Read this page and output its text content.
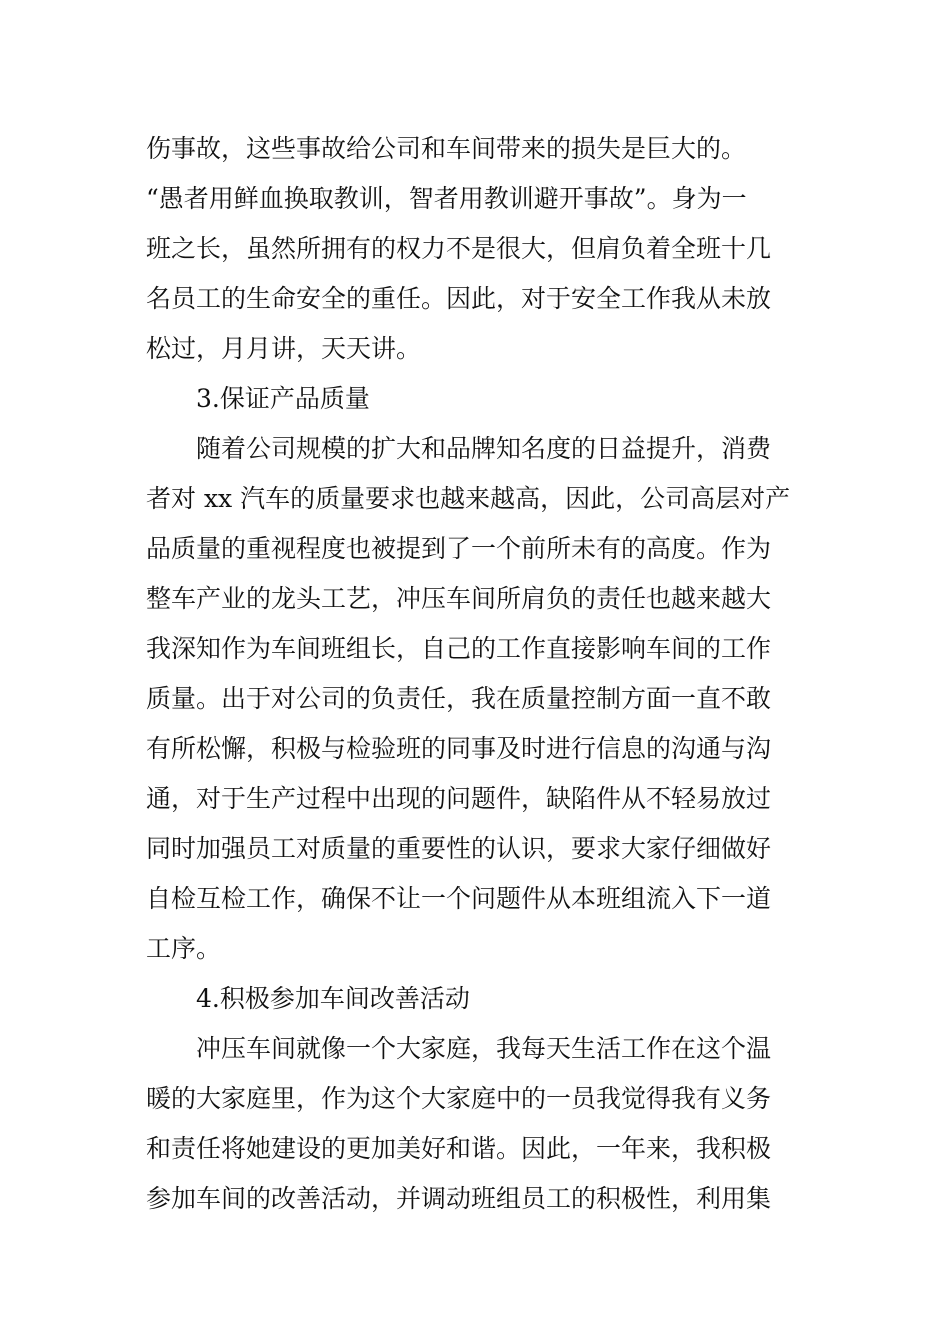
伤事故，这些事故给公司和车间带来的损失是巨大的。
“愚者用鲜血换取教训，智者用教训避开事故”。身为一
班之长，虽然所拥有的权力不是很大，但肩负着全班十几
名员工的生命安全的重任。因此，对于安全工作我从未放
松过，月月讲，天天讲。
3.保证产品质量
随着公司规模的扩大和品牌知名度的日益提升，消费
者对 xx 汽车的质量要求也越来越高，因此，公司高层对产
品质量的重视程度也被提到了一个前所未有的高度。作为
整车产业的龙头工艺，冲压车间所肩负的责任也越来越大
我深知作为车间班组长，自己的工作直接影响车间的工作
质量。出于对公司的负责任，我在质量控制方面一直不敢
有所松懈，积极与检验班的同事及时进行信息的沟通与沟
通，对于生产过程中出现的问题件，缺陷件从不轻易放过
同时加强员工对质量的重要性的认识，要求大家仔细做好
自检互检工作，确保不让一个问题件从本班组流入下一道
工序。
4.积极参加车间改善活动
冲压车间就像一个大家庭，我每天生活工作在这个温
暖的大家庭里，作为这个大家庭中的一员我觉得我有义务
和责任将她建设的更加美好和谐。因此，一年来，我积极
参加车间的改善活动，并调动班组员工的积极性，利用集
